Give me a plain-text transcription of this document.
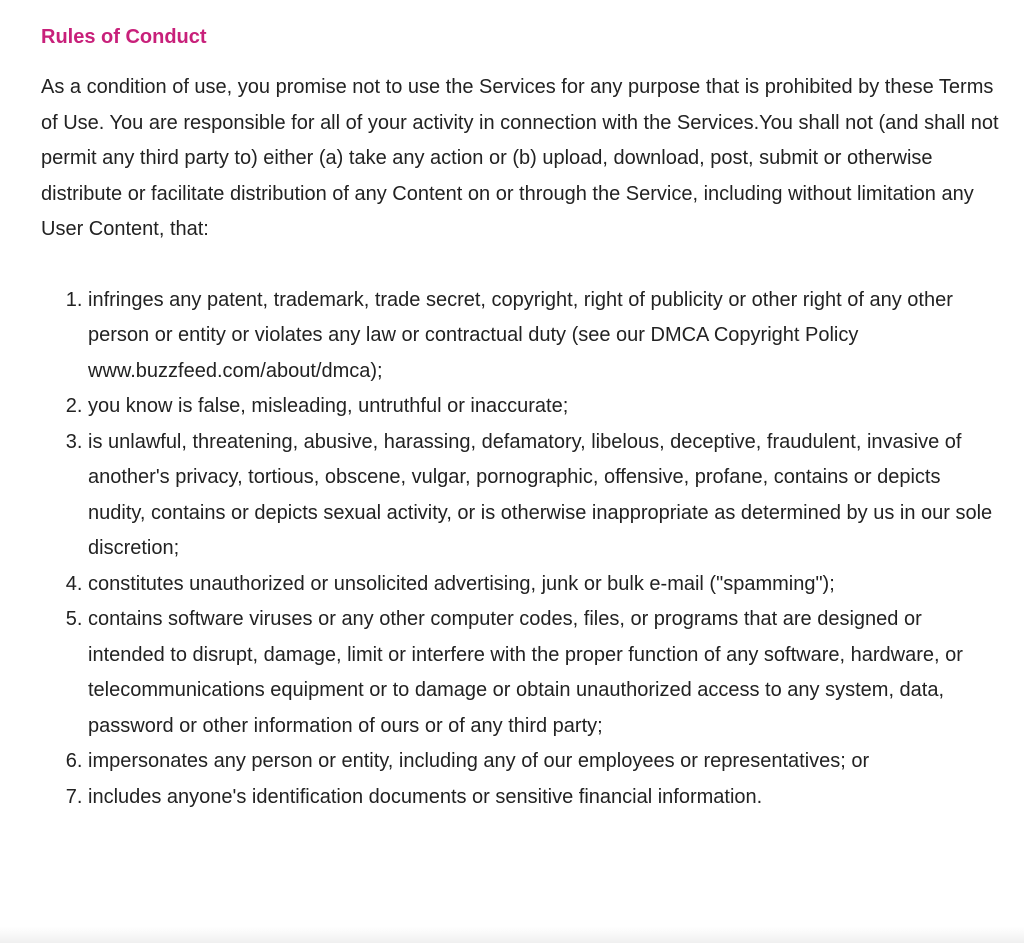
Rules of Conduct

As a condition of use, you promise not to use the Services for any purpose that is prohibited by these Terms of Use. You are responsible for all of your activity in connection with the Services.You shall not (and shall not permit any third party to) either (a) take any action or (b) upload, download, post, submit or otherwise distribute or facilitate distribution of any Content on or through the Service, including without limitation any User Content, that:

1. infringes any patent, trademark, trade secret, copyright, right of publicity or other right of any other person or entity or violates any law or contractual duty (see our DMCA Copyright Policy www.buzzfeed.com/about/dmca);
2. you know is false, misleading, untruthful or inaccurate;
3. is unlawful, threatening, abusive, harassing, defamatory, libelous, deceptive, fraudulent, invasive of another's privacy, tortious, obscene, vulgar, pornographic, offensive, profane, contains or depicts nudity, contains or depicts sexual activity, or is otherwise inappropriate as determined by us in our sole discretion;
4. constitutes unauthorized or unsolicited advertising, junk or bulk e-mail ("spamming");
5. contains software viruses or any other computer codes, files, or programs that are designed or intended to disrupt, damage, limit or interfere with the proper function of any software, hardware, or telecommunications equipment or to damage or obtain unauthorized access to any system, data, password or other information of ours or of any third party;
6. impersonates any person or entity, including any of our employees or representatives; or
7. includes anyone's identification documents or sensitive financial information.
